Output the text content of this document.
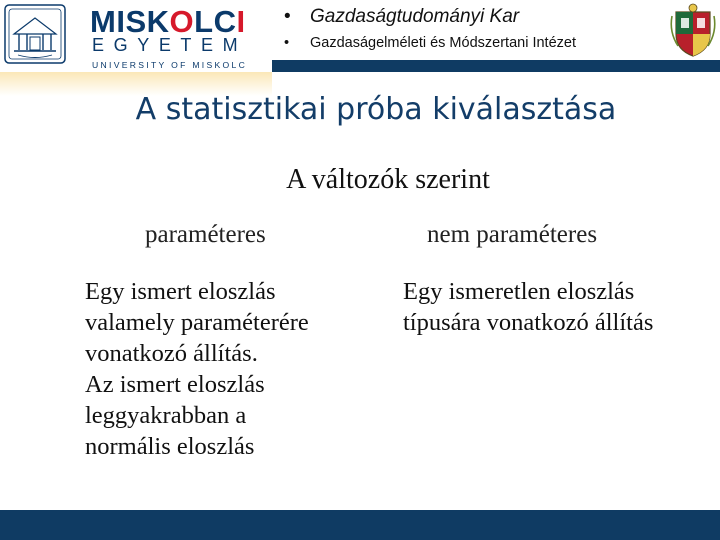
MISKOLCI
EGYETEM
UNIVERSITY OF MISKOLC
• Gazdaságtudományi Kar
• Gazdaságelméleti és Módszertani Intézet
A statisztikai próba kiválasztása
A változók szerint
paraméteres	nem paraméteres
Egy ismert eloszlás
valamely paraméterére
vonatkozó állítás.
Az ismert eloszlás
leggyakrabban a
normális eloszlás
Egy ismeretlen eloszlás
típusára vonatkozó állítás
